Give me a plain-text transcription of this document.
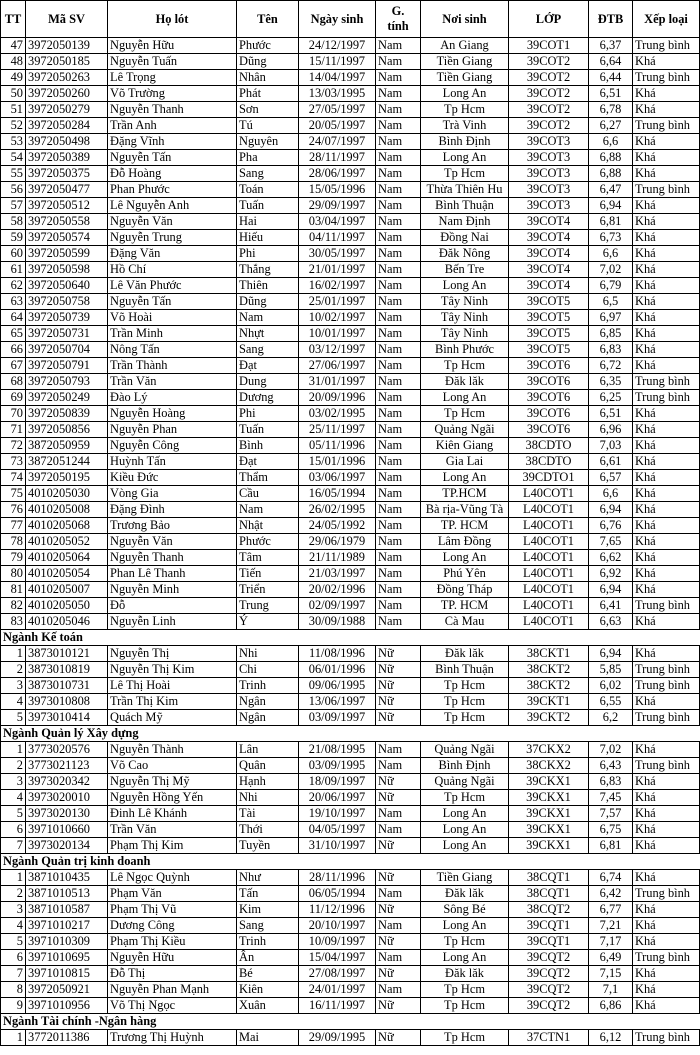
TT	Mã SV	Họ lót	Tên	Ngày sinh	G.
tính	Nơi sinh	LỚP	ĐTB	Xếp loại
47	3972050139	Nguyễn Hữu	Phước	24/12/1997	Nam	An Giang	39COT1	6,37	Trung bình
48	3972050185	Nguyễn Tuấn	Dũng	15/11/1997	Nam	Tiền Giang	39COT2	6,64	Khá
49	3972050263	Lê Trọng	Nhân	14/04/1997	Nam	Tiền Giang	39COT2	6,44	Trung bình
50	3972050260	Võ Trường	Phát	13/03/1995	Nam	Long An	39COT2	6,51	Khá
51	3972050279	Nguyễn Thanh	Sơn	27/05/1997	Nam	Tp Hcm	39COT2	6,78	Khá
52	3972050284	Trần Anh	Tú	20/05/1997	Nam	Trà Vinh	39COT2	6,27	Trung bình
53	3972050498	Đặng Vĩnh	Nguyên	24/07/1997	Nam	Bình Định	39COT3	6,6	Khá
54	3972050389	Nguyễn Tấn	Pha	28/11/1997	Nam	Long An	39COT3	6,88	Khá
55	3972050375	Đỗ Hoàng	Sang	28/06/1997	Nam	Tp Hcm	39COT3	6,88	Khá
56	3972050477	Phan Phước	Toán	15/05/1996	Nam	Thừa Thiên Hu	39COT3	6,47	Trung bình
57	3972050512	Lê Nguyễn Anh	Tuấn	29/09/1997	Nam	Bình Thuận	39COT3	6,94	Khá
58	3972050558	Nguyễn Văn	Hai	03/04/1997	Nam	Nam Định	39COT4	6,81	Khá
59	3972050574	Nguyễn Trung	Hiếu	04/11/1997	Nam	Đồng Nai	39COT4	6,73	Khá
60	3972050599	Đặng Văn	Phi	30/05/1997	Nam	Đăk Nông	39COT4	6,6	Khá
61	3972050598	Hồ Chí	Thắng	21/01/1997	Nam	Bến Tre	39COT4	7,02	Khá
62	3972050640	Lê Văn Phước	Thiên	16/02/1997	Nam	Long An	39COT4	6,79	Khá
63	3972050758	Nguyễn Tấn	Dũng	25/01/1997	Nam	Tây Ninh	39COT5	6,5	Khá
64	3972050739	Võ Hoài	Nam	10/02/1997	Nam	Tây Ninh	39COT5	6,97	Khá
65	3972050731	Trần Minh	Nhựt	10/01/1997	Nam	Tây Ninh	39COT5	6,85	Khá
66	3972050704	Nông Tấn	Sang	03/12/1997	Nam	Bình Phước	39COT5	6,83	Khá
67	3972050791	Trần Thành	Đạt	27/06/1997	Nam	Tp Hcm	39COT6	6,72	Khá
68	3972050793	Trần Văn	Dung	31/01/1997	Nam	Đăk lăk	39COT6	6,35	Trung bình
69	3972050249	Đào Lý	Dương	20/09/1996	Nam	Long An	39COT6	6,25	Trung bình
70	3972050839	Nguyễn Hoàng	Phi	03/02/1995	Nam	Tp Hcm	39COT6	6,51	Khá
71	3972050856	Nguyễn Phan	Tuấn	25/11/1997	Nam	Quảng Ngãi	39COT6	6,96	Khá
72	3872050959	Nguyễn Công	Bình	05/11/1996	Nam	Kiên Giang	38CDTO	7,03	Khá
73	3872051244	Huỳnh Tấn	Đạt	15/01/1996	Nam	Gia Lai	38CDTO	6,61	Khá
74	3972050195	Kiều Đức	Thẩm	03/06/1997	Nam	Long An	39CDTO1	6,57	Khá
75	4010205030	Vòng Gia	Cầu	16/05/1994	Nam	TP.HCM	L40COT1	6,6	Khá
76	4010205008	Đặng Đình	Nam	26/02/1995	Nam	Bà rịa-Vũng Tà	L40COT1	6,94	Khá
77	4010205068	Trương Bảo	Nhật	24/05/1992	Nam	TP. HCM	L40COT1	6,76	Khá
78	4010205052	Nguyễn Văn	Phước	29/06/1979	Nam	Lâm Đồng	L40COT1	7,65	Khá
79	4010205064	Nguyễn Thanh	Tâm	21/11/1989	Nam	Long An	L40COT1	6,62	Khá
80	4010205054	Phan Lê Thanh	Tiến	21/03/1997	Nam	Phú Yên	L40COT1	6,92	Khá
81	4010205007	Nguyễn Minh	Triển	20/02/1996	Nam	Đồng Tháp	L40COT1	6,94	Khá
82	4010205050	Đỗ	Trung	02/09/1997	Nam	TP. HCM	L40COT1	6,41	Trung bình
83	4010205046	Nguyễn Linh	Ý	30/09/1988	Nam	Cà Mau	L40COT1	6,63	Khá
Ngành Kế toán									
1	3873010121	Nguyễn Thị	Nhi	11/08/1996	Nữ	Đăk lăk	38CKT1	6,94	Khá
2	3873010819	Nguyễn Thị Kim	Chi	06/01/1996	Nữ	Bình Thuận	38CKT2	5,85	Trung bình
3	3873010731	Lê Thị Hoài	Trinh	09/06/1995	Nữ	Tp Hcm	38CKT2	6,02	Trung bình
4	3973010808	Trần Thị Kim	Ngân	13/06/1997	Nữ	Tp Hcm	39CKT1	6,55	Khá
5	3973010414	Quách Mỹ	Ngân	03/09/1997	Nữ	Tp Hcm	39CKT2	6,2	Trung bình
Ngành Quản lý Xây dựng									
1	3773020576	Nguyễn Thành	Lân	21/08/1995	Nam	Quảng Ngãi	37CKX2	7,02	Khá
2	3773021123	Võ Cao	Quân	03/09/1995	Nam	Bình Định	38CKX2	6,43	Trung bình
3	3973020342	Nguyễn Thị Mỹ	Hạnh	18/09/1997	Nữ	Quảng Ngãi	39CKX1	6,83	Khá
4	3973020010	Nguyễn Hồng Yến	Nhi	20/06/1997	Nữ	Tp Hcm	39CKX1	7,45	Khá
5	3973020130	Đinh Lê Khánh	Tài	19/10/1997	Nam	Long An	39CKX1	7,57	Khá
6	3971010660	Trần Văn	Thới	04/05/1997	Nam	Long An	39CKX1	6,75	Khá
7	3973020134	Phạm Thị Kim	Tuyền	31/10/1997	Nữ	Long An	39CKX1	6,81	Khá
Ngành Quản trị kinh doanh									
1	3871010435	Lê Ngọc Quỳnh	Như	28/11/1996	Nữ	Tiền Giang	38CQT1	6,74	Khá
2	3871010513	Phạm Văn	Tấn	06/05/1994	Nam	Đăk lăk	38CQT1	6,42	Trung bình
3	3871010587	Phạm Thị Vũ	Kim	11/12/1996	Nữ	Sông Bé	38CQT2	6,77	Khá
4	3971010217	Dương Công	Sang	20/10/1997	Nam	Long An	39CQT1	7,21	Khá
5	3971010309	Phạm Thị Kiều	Trinh	10/09/1997	Nữ	Tp Hcm	39CQT1	7,17	Khá
6	3971010695	Nguyễn Hữu	Ân	15/04/1997	Nam	Long An	39CQT2	6,49	Trung bình
7	3971010815	Đỗ Thị	Bé	27/08/1997	Nữ	Đăk lăk	39CQT2	7,15	Khá
8	3972050921	Nguyễn Phan Mạnh	Kiên	24/01/1997	Nam	Tp Hcm	39CQT2	7,1	Khá
9	3971010956	Võ Thị Ngọc	Xuân	16/11/1997	Nữ	Tp Hcm	39CQT2	6,86	Khá
Ngành Tài chính -Ngân hàng									
1	3772011386	Trương Thị Huỳnh	Mai	29/09/1995	Nữ	Tp Hcm	37CTN1	6,12	Trung bình
